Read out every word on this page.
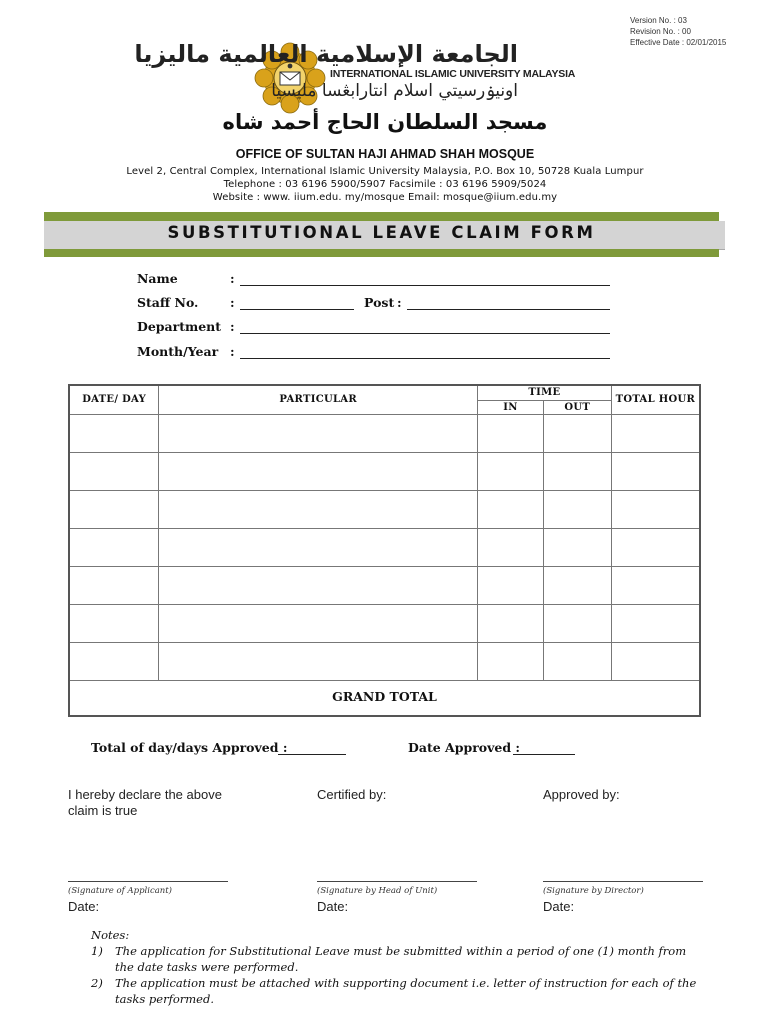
Version No. : 03
Revision No. : 00
Effective Date : 02/01/2015
الجامعة الإسلامية العالمية ماليزيا
INTERNATIONAL ISLAMIC UNIVERSITY MALAYSIA
اونيۏرسيتي اسلام انتارابڠسا مليسيا
مسجد السلطان الحاج أحمد شاه
OFFICE OF SULTAN HAJI AHMAD SHAH MOSQUE
Level 2, Central Complex, International Islamic University Malaysia, P.O. Box 10, 50728 Kuala Lumpur
Telephone : 03 6196 5900/5907 Facsimile : 03 6196 5909/5024
Website : www. iium.edu. my/mosque Email: mosque@iium.edu.my
SUBSTITUTIONAL LEAVE CLAIM FORM
Name	:
Staff No.	:	Post :
Department :
Month/Year :
DATE/ DAY	PARTICULAR	TIME		TOTAL HOUR
		IN	OUT	

GRAND TOTAL				
Total of day/days Approved :	Date Approved :
I hereby declare the above claim is true
Certified by:	Approved by:
(Signature of Applicant)	(Signature by Head of Unit)	(Signature by Director)
Date:	Date:	Date:
Notes:
1) The application for Substitutional Leave must be submitted within a period of one (1) month from the date tasks were performed.
2) The application must be attached with supporting document i.e. letter of instruction for each of the tasks performed.
